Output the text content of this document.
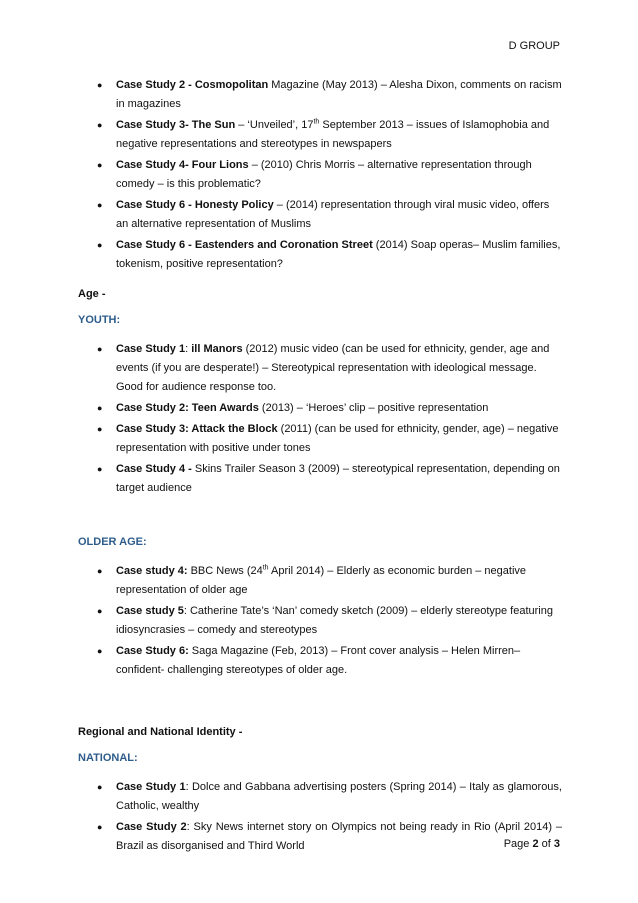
D GROUP
● Case Study 2 - Cosmopolitan Magazine (May 2013) – Alesha Dixon, comments on racism in magazines
● Case Study 3- The Sun – ‘Unveiled’, 17th September 2013 – issues of Islamophobia and negative representations and stereotypes in newspapers
● Case Study 4- Four Lions – (2010) Chris Morris – alternative representation through comedy – is this problematic?
● Case Study 6 - Honesty Policy – (2014) representation through viral music video, offers an alternative representation of Muslims
● Case Study 6 - Eastenders and Coronation Street (2014) Soap operas– Muslim families, tokenism, positive representation?
Age -
YOUTH:
● Case Study 1: ill Manors (2012) music video (can be used for ethnicity, gender, age and events (if you are desperate!) – Stereotypical representation with ideological message. Good for audience response too.
● Case Study 2: Teen Awards (2013) – ‘Heroes’ clip – positive representation
● Case Study 3: Attack the Block (2011) (can be used for ethnicity, gender, age) – negative representation with positive under tones
● Case Study 4 - Skins Trailer Season 3 (2009) – stereotypical representation, depending on target audience
OLDER AGE:
● Case study 4: BBC News (24th April 2014) – Elderly as economic burden – negative representation of older age
● Case study 5: Catherine Tate’s ‘Nan’ comedy sketch (2009) – elderly stereotype featuring idiosyncrasies – comedy and stereotypes
● Case Study 6: Saga Magazine (Feb, 2013) – Front cover analysis – Helen Mirren– confident- challenging stereotypes of older age.
Regional and National Identity -
NATIONAL:
● Case Study 1: Dolce and Gabbana advertising posters (Spring 2014) – Italy as glamorous, Catholic, wealthy
● Case Study 2: Sky News internet story on Olympics not being ready in Rio (April 2014) – Brazil as disorganised and Third World	Page 2 of 3
